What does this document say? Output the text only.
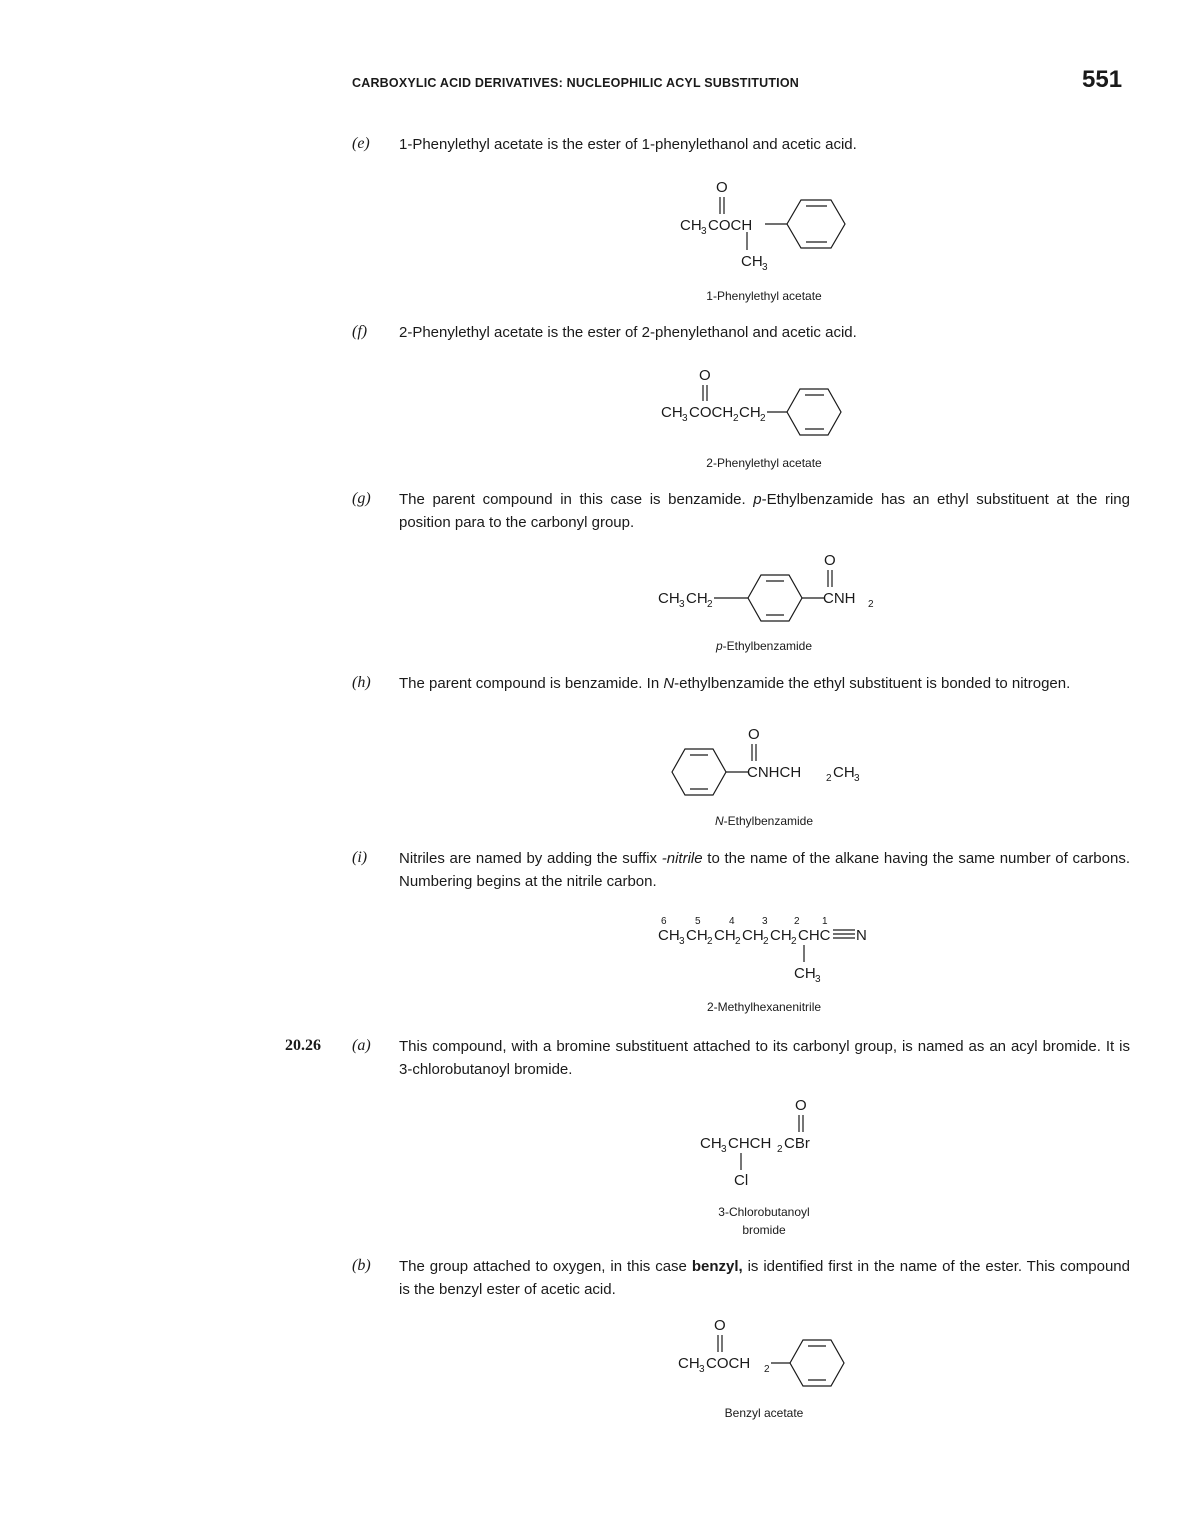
CARBOXYLIC ACID DERIVATIVES: NUCLEOPHILIC ACYL SUBSTITUTION	551
(e) 1-Phenylethyl acetate is the ester of 1-phenylethanol and acetic acid.
O
CH 3 COCH
CH 3
1-Phenylethyl acetate
(f) 2-Phenylethyl acetate is the ester of 2-phenylethanol and acetic acid.
O
CH 3 COCH 2 CH 2
2-Phenylethyl acetate
(g) The parent compound in this case is benzamide. p-Ethylbenzamide has an ethyl substituent at the ring position para to the carbonyl group.
CH 3 CH 2
O
CNH 2
p-Ethylbenzamide
(h) The parent compound is benzamide. In N-ethylbenzamide the ethyl substituent is bonded to nitrogen.
O
CNHCH 2 CH 3
N-Ethylbenzamide
(i) Nitriles are named by adding the suffix -nitrile to the name of the alkane having the same number of carbons. Numbering begins at the nitrile carbon.
6	5	4	3	2 1
CH 3 CH 2 CH 2 CH 2 CH 2 CHC N
CH 3
2-Methylhexanenitrile
20.26 (a) This compound, with a bromine substituent attached to its carbonyl group, is named as an acyl bromide. It is 3-chlorobutanoyl bromide.
O
CH 3 CHCH 2 CBr
Cl
3-Chlorobutanoyl
bromide
(b) The group attached to oxygen, in this case benzyl, is identified first in the name of the ester. This compound is the benzyl ester of acetic acid.
O
CH 3 COCH 2
Benzyl acetate
